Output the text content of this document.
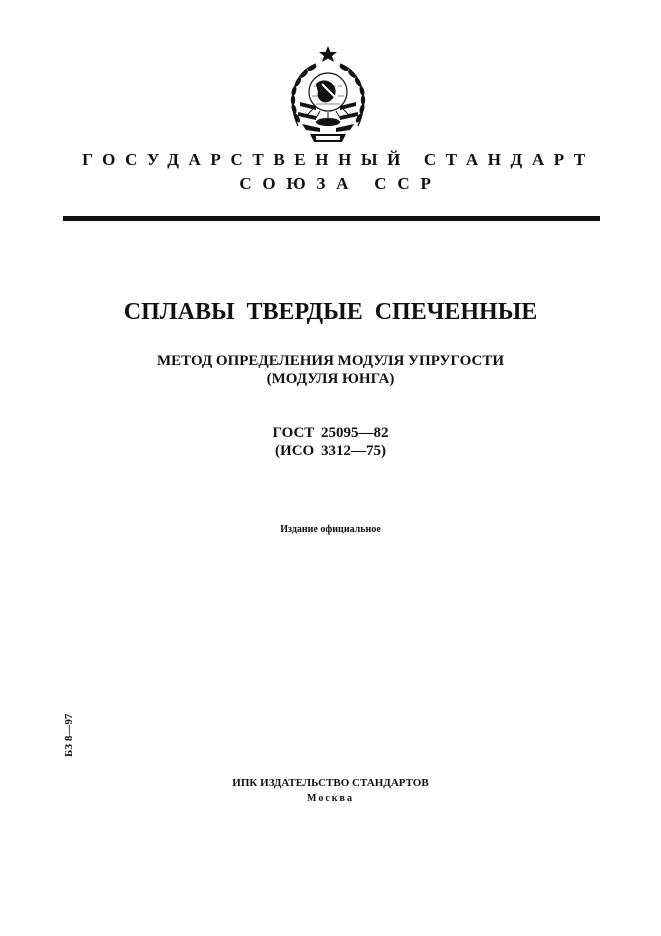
ГОСУДАРСТВЕННЫЙ СТАНДАРТ
СОЮЗА ССР
СПЛАВЫ ТВЕРДЫЕ СПЕЧЕННЫЕ
МЕТОД ОПРЕДЕЛЕНИЯ МОДУЛЯ УПРУГОСТИ
(МОДУЛЯ ЮНГА)
ГОСТ 25095—82
(ИСО 3312—75)
Издание официальное
БЗ 8—97
ИПК ИЗДАТЕЛЬСТВО СТАНДАРТОВ
Москва
